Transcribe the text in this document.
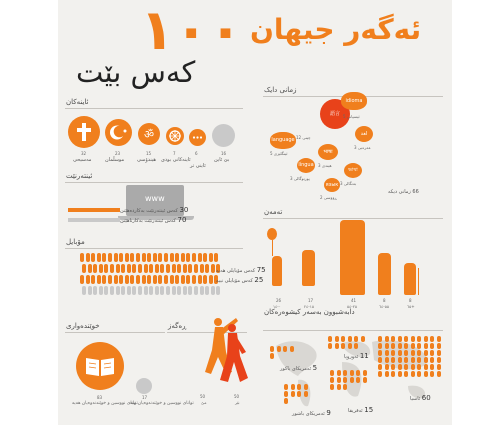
١٠٠ ئەگەر جیهان
کەس بێت
ئاینەکان
ॐ
32
مەسیحی
23
موسڵمان
15
هیندۆسی
7
ئاینەکانی بودی
6
ئاینی تر
16
بێ ئاین
زمانی دایک
語言
idioma
language
لغة
भाषा
ভাষা
língua
язык
چینی 12
ئیسپانی 5
ئینگلیزی 5
عەرەبی 3
هیندی 3
بەنگالی 3
پورتوگالی 3
ڕووسی 2
66 زمانی دیکە
ئینتەرنێت
www
30 کەس ئینتەرنێت بەکاردەهێنن
70 کەس ئینتەرنێت بەکارناهێنن
تەمەن
26
٠-١٤
17
١٥-٢٤
41
٢٥-٥٤
8
٥٥-٦٤
8
٦٥+
مۆبایل
75 کەس مۆبایلی هەیە
25 کەس مۆبایلی نییە
خوێندەواری
83
توانای نووسین و خوێندنەوەیان هەیە
17
توانای نووسین و خوێندنەوەیان نییە
ڕەگەز
50
مێ
50
نێر
دابەشبوون بەسەر کیشوەرەکان
11 ئەوروپا
5 ئەمریکای باکور
9 ئەمریکای باشور	15 ئەفریقا
60 ئاسیا
